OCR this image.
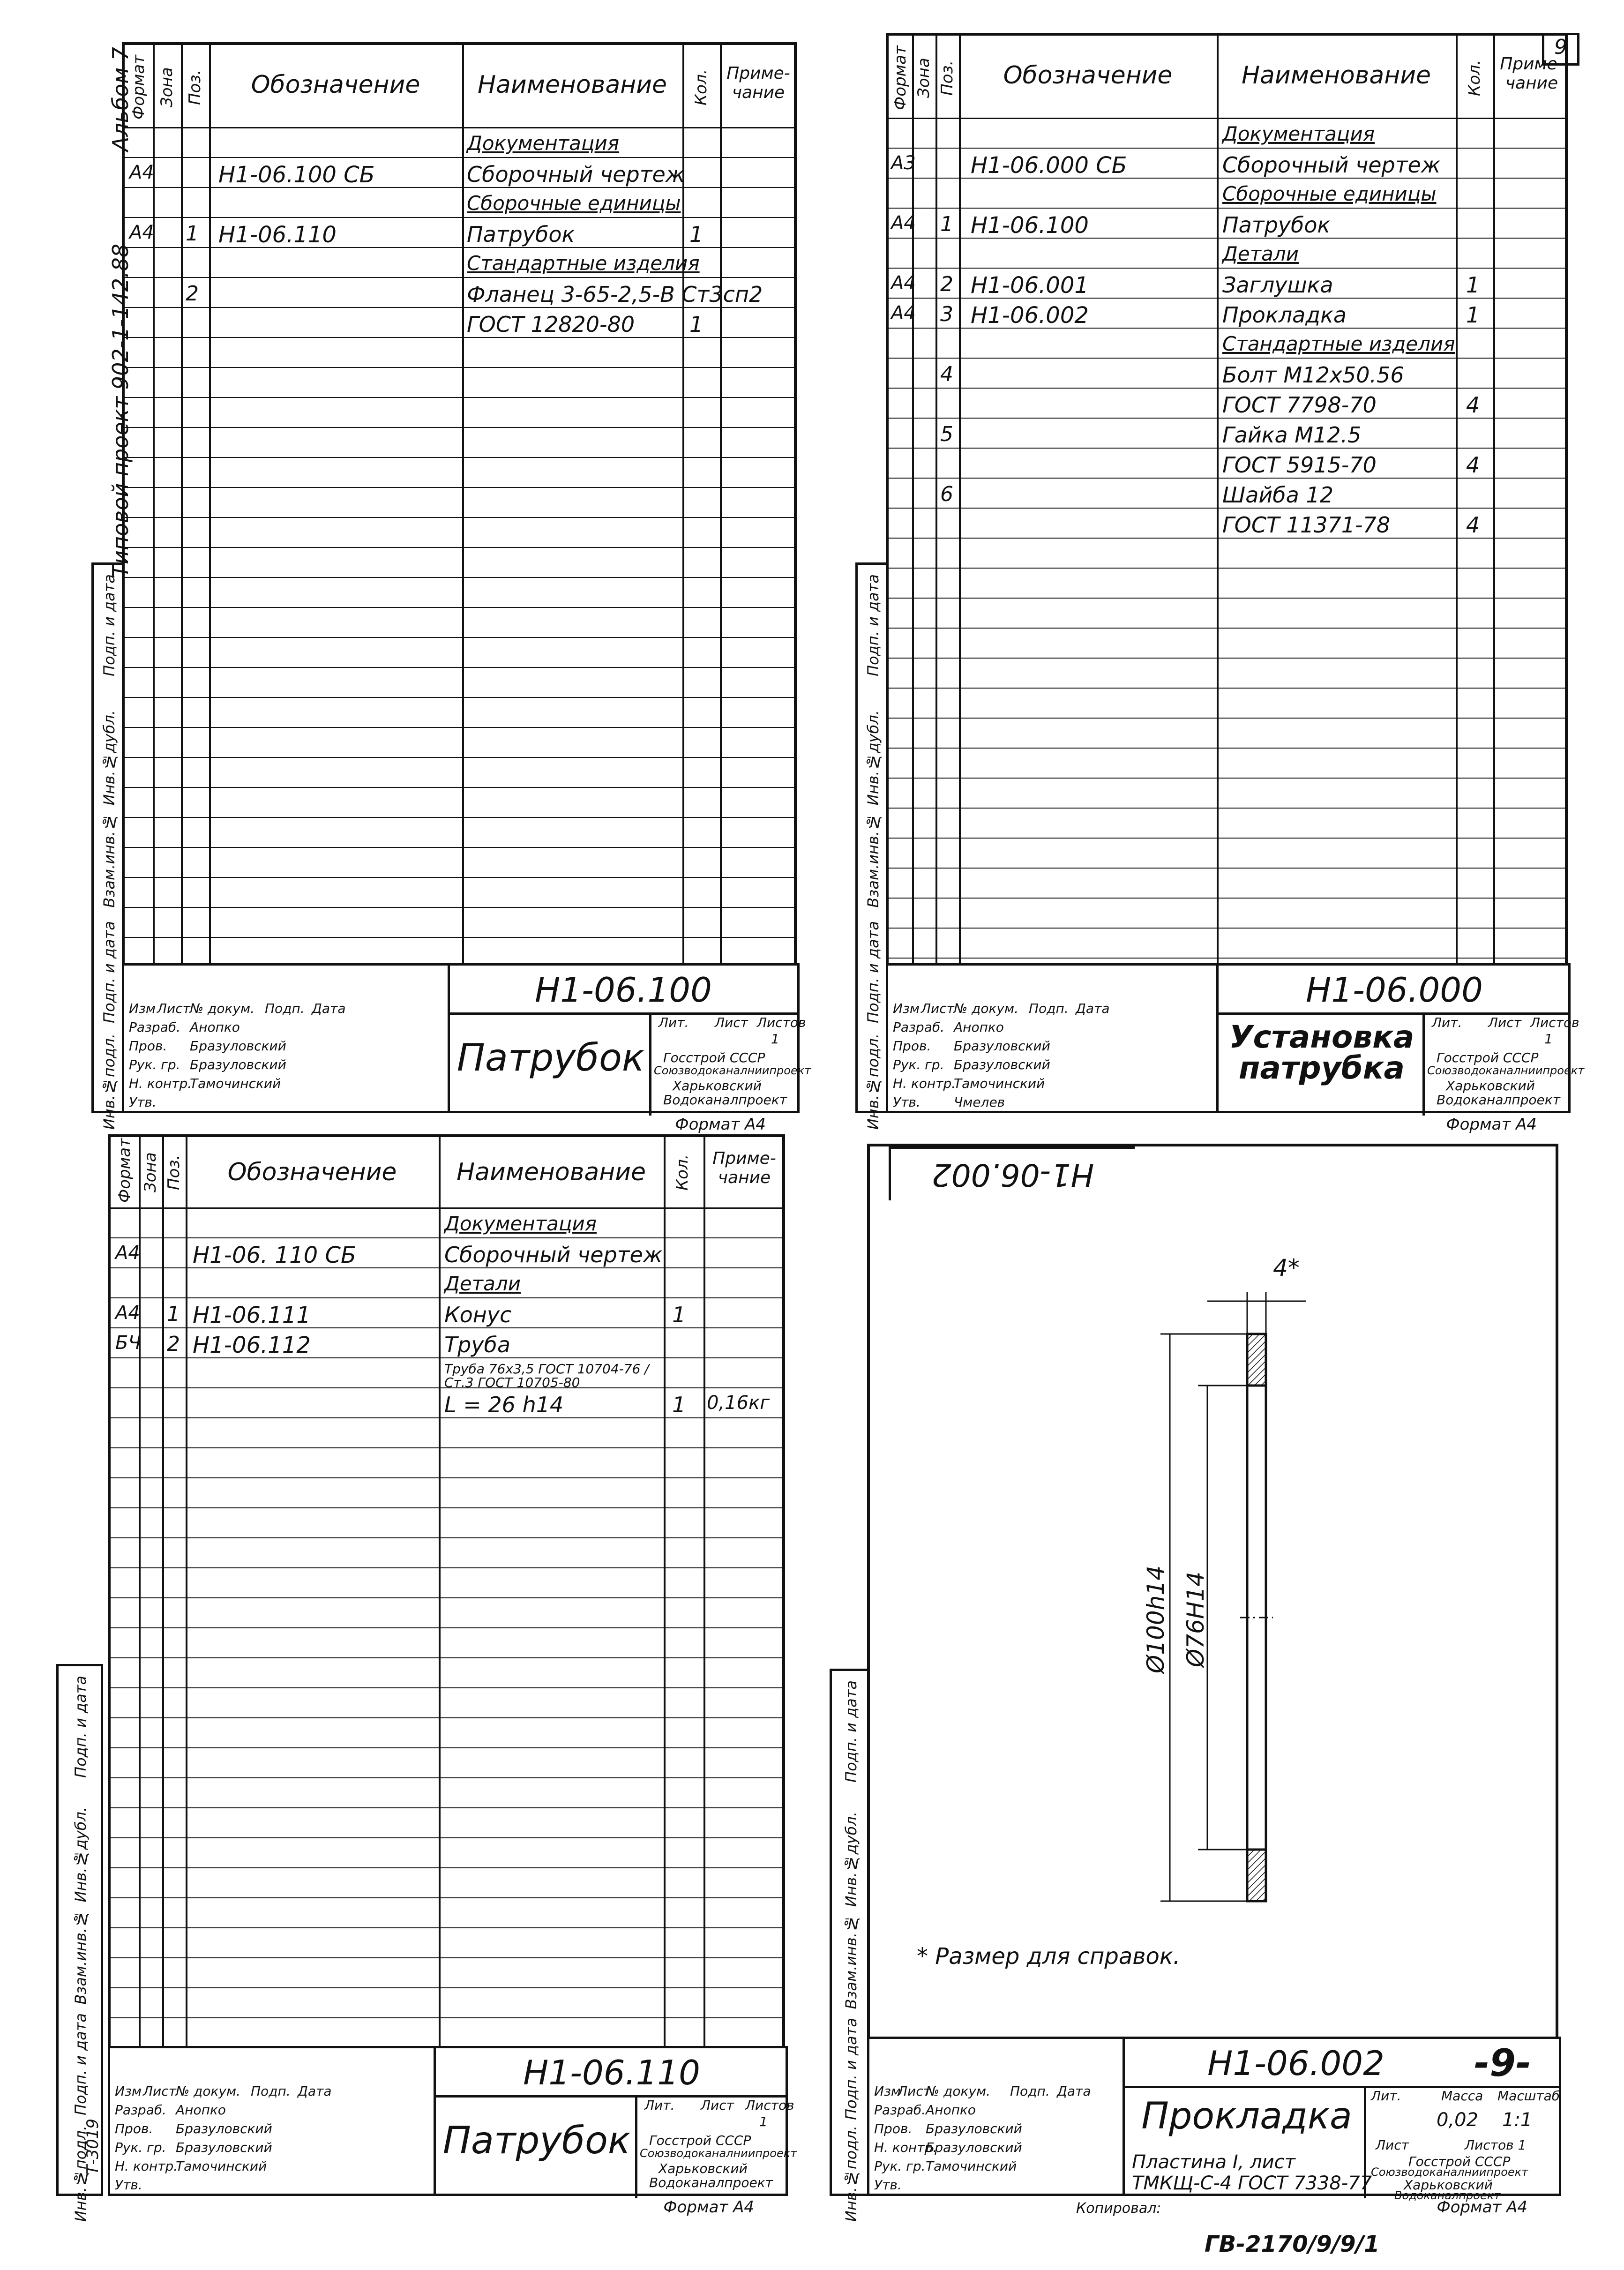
Формат Зона Поз.	Обозначение	Наименование	Кол. Приме-чание
Документация
А4	Н1-06.100 СБ	Сборочный чертеж
Сборочные единицы
А4 1 Н1-06.110	Патрубок	1
Стандартные изделия
2	Фланец 3-65-2,5-В Ст3сп2
ГОСТ 12820-80	1
Н1-06.100
Патрубок
Лит. Лист Листов
1
Госстрой СССР
Союзводоканалниипроект
Харьковский
Водоканалпроект
Изм Лист № докум. Подп. Дата
Разраб. Анопко
Пров. Бразуловский
Рук. гр. Бразуловский
Н. контр.
Тамочинский
Утв.
Формат А4
Альбом 7
Типовой проект 902-1-142.88
Подп. и дата
Инв.№дубл.
Взам.инв.№
Подп. и дата
Инв.№подл.
Формат Зона Поз.	Обозначение	Наименование	Кол. Приме-чание
Документация
А3 Н1-06.000 СБ	Сборочный чертеж
Сборочные единицы
А4 1 Н1-06.100	Патрубок
Детали
А4 2 Н1-06.001	Заглушка	1
А4 3 Н1-06.002	Прокладка	1
Стандартные изделия
4	Болт М12х50.56
ГОСТ 7798-70	4
5	Гайка М12.5
ГОСТ 5915-70	4
6	Шайба 12
ГОСТ 11371-78	4
Н1-06.000
Установка патрубка
Лит. Лист Листов
1
Госстрой СССР
Союзводоканалниипроект
Харьковский
Водоканалпроект
Изм Лист № докум. Подп. Дата
Разраб. Анопко
Пров. Бразуловский
Рук. гр. Бразуловский
Н. контр.
Тамочинский
Утв.	Чмелев
Формат А4
9
Подп. и дата
Инв.№дубл.
Взам.инв.№
Подп. и дата
Инв.№подл.
Формат Зона Поз.	Обозначение	Наименование	Кол.	Приме-чание
Документация
А4 Н1-06. 110 СБ	Сборочный чертеж
Детали
А4 1 Н1-06.111	Конус	1
БЧ 2 Н1-06.112	Труба
Труба 76х3,5 ГОСТ 10704-76 / Ст.3 ГОСТ 10705-80
L = 26 h14	1 0,16кг
Н1-06.110
Патрубок
Лит. Лист Листов
1
Госстрой СССР
Союзводоканалниипроект
Харьковский
Водоканалпроект
Изм Лист № докум. Подп. Дата
Разраб. Анопко
Пров. Бразуловский
Рук. гр. Бразуловский
Н. контр.
Тамочинский
Утв.
Формат А4
Подп. и дата
Инв.№дубл.
Взам.инв.№
Подп. и дата
Инв.№подл.
Т-3019
Н1-06.002
4*
Ø100h14 Ø76H14
* Размер для справок.
Н1-06.002	-9-
Прокладка
Пластина I, лист
ТМКЩ-С-4 ГОСТ 7338-77
Лит.	Масса Масштаб
0,02 1:1
Лист	Листов 1
Госстрой СССР
Союзводоканалниипроект
Харьковский
Водоканалпроект
Изм
Лист
№ докум. Подп. Дата
Разраб. Анопко
Пров. Бразуловский
Н. контр.
Бразуловский
Рук. гр. Тамочинский
Утв.
Копировал:	Формат А4
Подп. и дата
Инв.№дубл.
Взам.инв.№
Подп. и дата
Инв.№подл.
ГВ-2170/9/9/1
